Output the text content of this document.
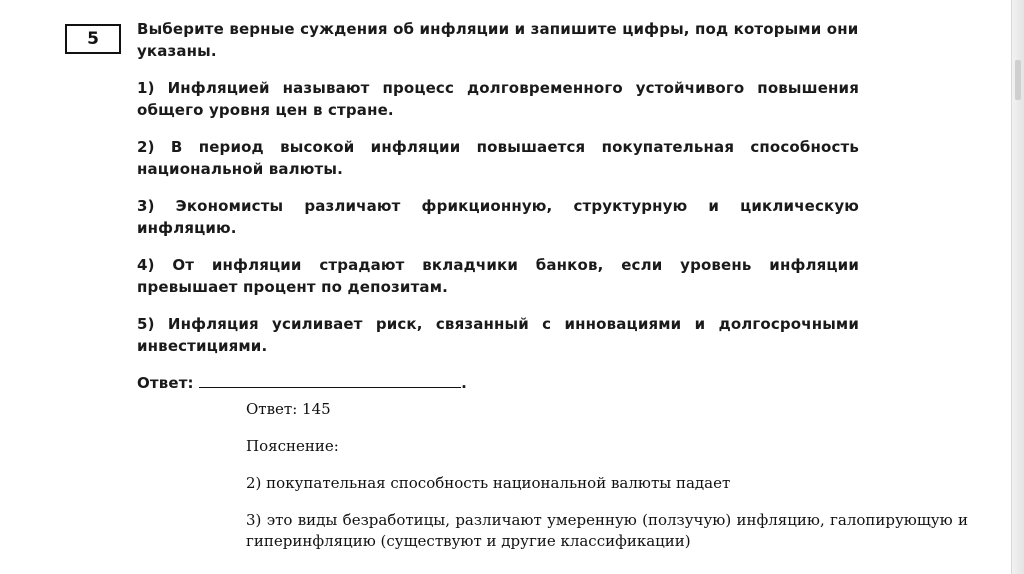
5	Выберите верные суждения об инфляции и запишите цифры, под которыми они указаны.

1) Инфляцией называют процесс долговременного устойчивого повышения общего уровня цен в стране.

2) В период высокой инфляции повышается покупательная способность национальной валюты.

3) Экономисты различают фрикционную, структурную и циклическую инфляцию.

4) От инфляции страдают вкладчики банков, если уровень инфляции превышает процент по депозитам.

5) Инфляция усиливает риск, связанный с инновациями и долгосрочными инвестициями.

Ответ:	.

Ответ: 145

Пояснение:

2) покупательная способность национальной валюты падает

3) это виды безработицы, различают умеренную (ползучую) инфляцию, галопирующую и гиперинфляцию (существуют и другие классификации)
